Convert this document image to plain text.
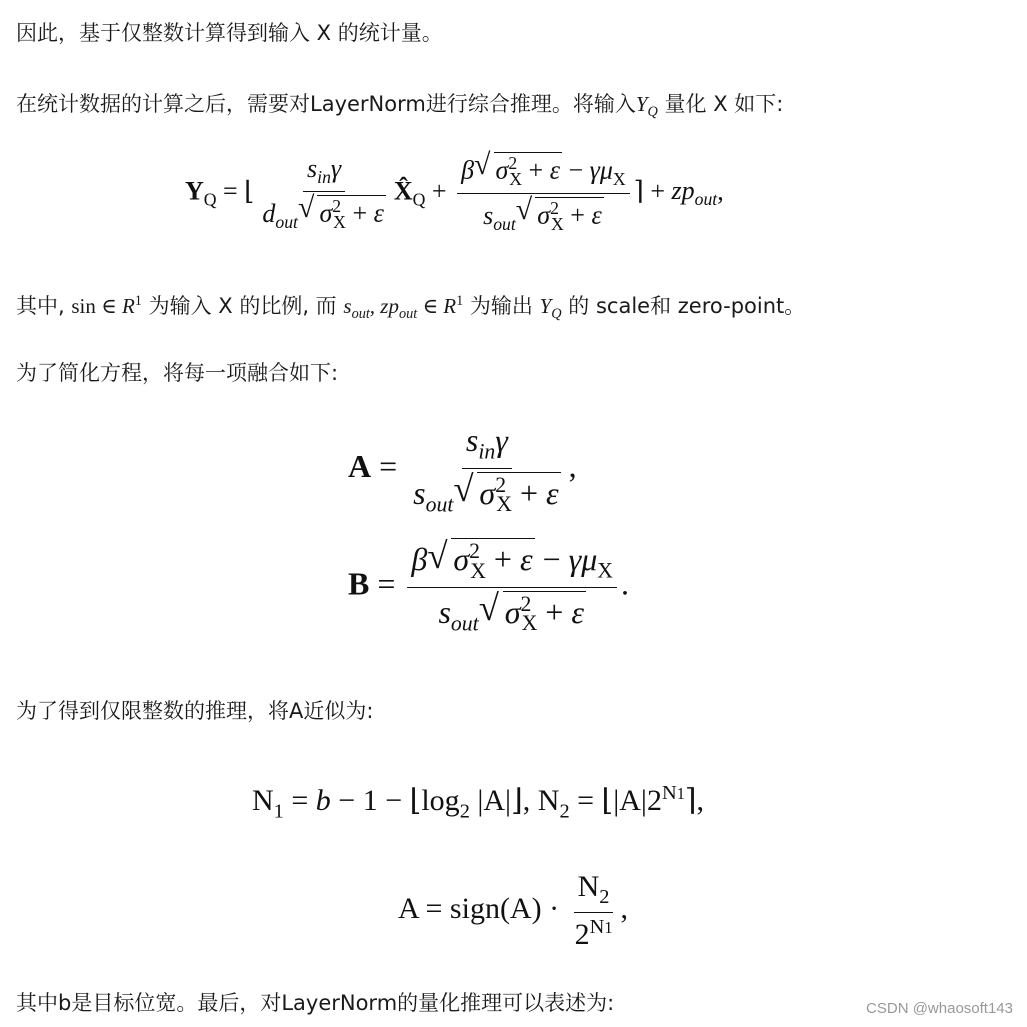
因此，基于仅整数计算得到输入 X 的统计量。
在统计数据的计算之后，需要对LayerNorm进行综合推理。将输入$Y_Q$ 量化 X 如下:
$Y_Q$ = ⌊ $\frac{s_{in}\gamma}{d_{out} √ \sigma^2_X + \varepsilon}$ $X̂_Q + \frac{\beta √ \sigma^2_X + \varepsilon - \gamma\mu_X}{s_{out} √ \sigma^2_X + \varepsilon}$ ⌉ + $zp_{out}$,
其中, sin ∈ $R^1$ 为输入 X 的比例, 而 $s_{out}$, $zp_{out}$ ∈ $R^1$ 为输出 $Y_Q$ 的 scale和 zero-point。
为了简化方程，将每一项融合如下:
$A = \frac{s_{in}\gamma}{s_{out} √ \sigma^2_X + \varepsilon}$ ,
$B = \frac{\beta √ \sigma^2_X + \varepsilon - \gamma\mu_X}{s_{out} √ \sigma^2_X + \varepsilon}$ .
为了得到仅限整数的推理，将A近似为:
$N_1 = b - 1$ − $⌊\log_2$ |A|⌋, $N_2$ = $⌊|A|2^{N1}⌉$,
A = sign(A) · $\frac{N_2}{2^{N1}}$ ,
其中b是目标位宽。最后，对LayerNorm的量化推理可以表述为:	CSDN @whaosoft143
